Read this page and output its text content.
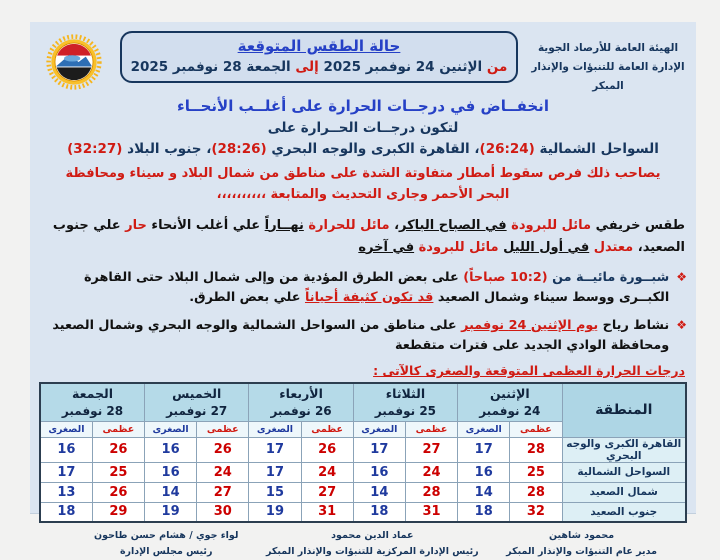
الهيئة العامة للأرصاد الجوية
الإدارة العامة للتنبؤات والإنذار المبكر
حالة الطقس المتوقعة
من الإثنين 24 نوفمبر 2025 إلى الجمعة 28 نوفمبر 2025
انخفــاض في درجــات الحرارة على أغلــب الأنحــاء
لتكون درجــات الحــرارة على
السواحل الشمالية (26:24)، القاهرة الكبرى والوجه البحري (28:26)، جنوب البلاد (32:27)
يصاحب ذلك فرص سقوط أمطار متفاوتة الشدة على مناطق من شمال البلاد و سيناء ومحافظة البحر الأحمر وجارى التحديث والمتابعة ،،،،،،،،،،
طقس خريفي مائل للبرودة في الصباح الباكر، مائل للحرارة نهــاراً علي أغلب الأنحاء حار علي جنوب الصعيد، معتدل في أول الليل مائل للبرودة في آخره
❖
شبــورة مائيــة من (10:2 صباحاً) على بعض الطرق المؤدية من وإلى شمال البلاد حتى القاهرة الكبــرى ووسط سيناء وشمال الصعيد قد تكون كثيفة أحياناً علي بعض الطرق.
❖
نشاط رياح يوم الإثنين 24 نوفمبر على مناطق من السواحل الشمالية والوجه البحري وشمال الصعيد ومحافظة الوادي الجديد على فترات متقطعة
درجات الحرارة العظمى المتوقعة والصغرى كالآتى :
المنطقة	
الإثنين
24 نوفمبر

الثلاثاء
25 نوفمبر

الأربعاء
26 نوفمبر

الخميس
27 نوفمبر

الجمعة
28 نوفمبر

	عظمى	الصغرى	عظمى	الصغرى	عظمى	الصغرى	عظمى	الصغرى	عظمى	الصغرى
القاهرة الكبرى والوجه البحري	28	17	27	17	26	17	26	16	26	16
السواحل الشمالية	25	16	24	16	24	17	24	16	25	17
شمال الصعيد	28	14	28	14	27	15	27	14	26	13
جنوب الصعيد	32	18	31	18	31	19	30	19	29	18
محمود شاهين
مدير عام التنبؤات والإنذار المبكر
عماد الدين محمود
رئيس الإدارة المركزية للتنبؤات والإنذار المبكر
لواء جوي / هشام حسن طاحون
رئيس مجلس الإدارة
